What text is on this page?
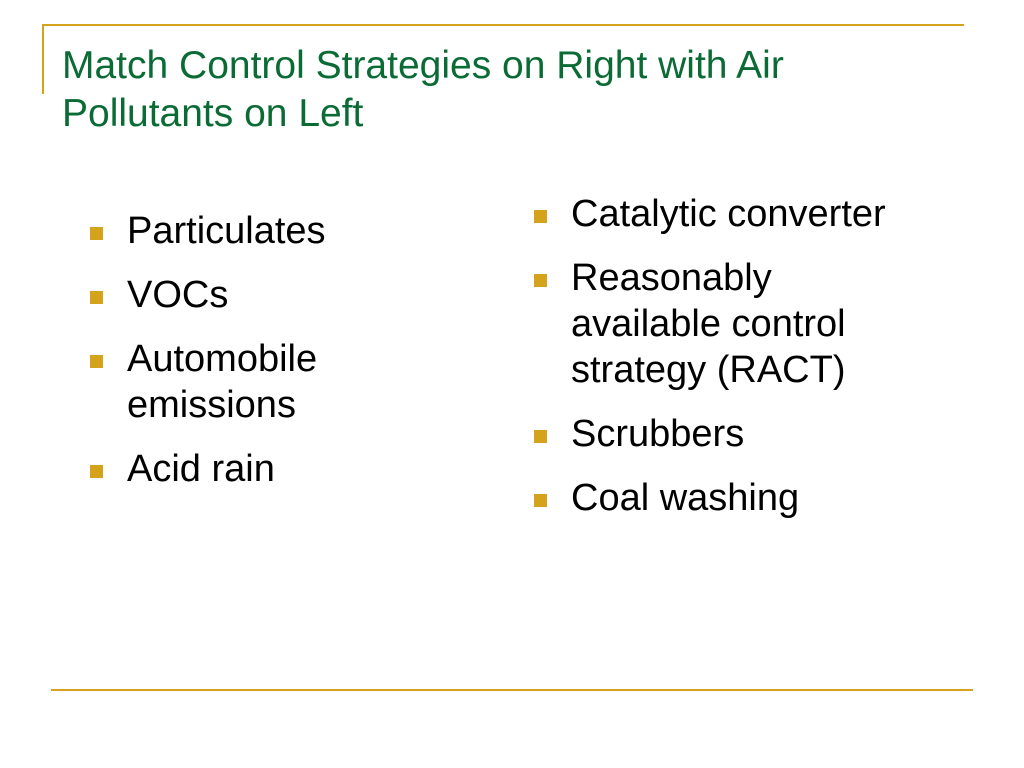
Match Control Strategies on Right with Air Pollutants on Left
Particulates
VOCs
Automobile emissions
Acid rain
Catalytic converter
Reasonably available control strategy (RACT)
Scrubbers
Coal washing
